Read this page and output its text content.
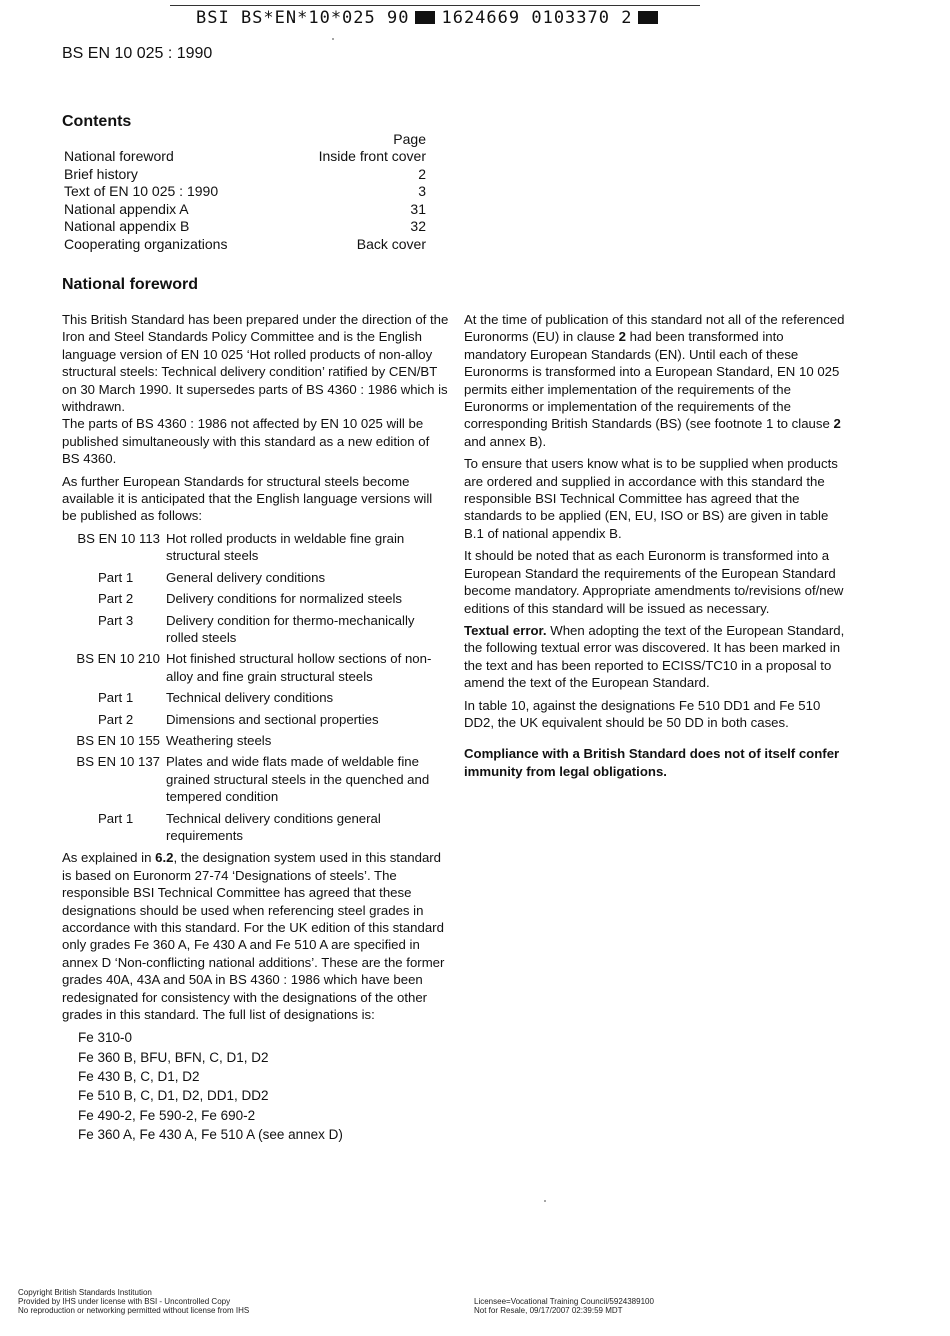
BSI BS*EN*10*025 90 1624669 0103370 2
BS EN 10 025 : 1990
Contents
Page
National foreword	Inside front cover
Brief history	2
Text of EN 10 025 : 1990	3
National appendix A	31
National appendix B	32
Cooperating organizations	Back cover
National foreword

This British Standard has been prepared under the direction of the Iron and Steel Standards Policy Committee and is the English language version of EN 10 025 ‘Hot rolled products of non-alloy structural steels: Technical delivery condition’ ratified by CEN/BT on 30 March 1990. It supersedes parts of BS 4360 : 1986 which is withdrawn.

The parts of BS 4360 : 1986 not affected by EN 10 025 will be published simultaneously with this standard as a new edition of BS 4360.

As further European Standards for structural steels become available it is anticipated that the English language versions will be published as follows:

BS EN 10 113 Hot rolled products in weldable fine grain structural steels
Part 1	General delivery conditions
Part 2	Delivery conditions for normalized steels
Part 3	Delivery condition for thermo-mechanically rolled steels
BS EN 10 210 Hot finished structural hollow sections of non-alloy and fine grain structural steels
Part 1	Technical delivery conditions
Part 2	Dimensions and sectional properties
BS EN 10 155 Weathering steels
BS EN 10 137 Plates and wide flats made of weldable fine grained structural steels in the quenched and tempered condition
Part 1	Technical delivery conditions general requirements

As explained in 6.2, the designation system used in this standard is based on Euronorm 27-74 ‘Designations of steels’. The responsible BSI Technical Committee has agreed that these designations should be used when referencing steel grades in accordance with this standard. For the UK edition of this standard only grades Fe 360 A, Fe 430 A and Fe 510 A are specified in annex D ‘Non-conflicting national additions’. These are the former grades 40A, 43A and 50A in BS 4360 : 1986 which have been redesignated for consistency with the designations of the other grades in this standard. The full list of designations is:

Fe 310-0
Fe 360 B, BFU, BFN, C, D1, D2
Fe 430 B, C, D1, D2
Fe 510 B, C, D1, D2, DD1, DD2
Fe 490-2, Fe 590-2, Fe 690-2
Fe 360 A, Fe 430 A, Fe 510 A (see annex D)

At the time of publication of this standard not all of the referenced Euronorms (EU) in clause 2 had been transformed into mandatory European Standards (EN). Until each of these Euronorms is transformed into a European Standard, EN 10 025 permits either implementation of the requirements of the Euronorms or implementation of the requirements of the corresponding British Standards (BS) (see footnote 1 to clause 2 and annex B).

To ensure that users know what is to be supplied when products are ordered and supplied in accordance with this standard the responsible BSI Technical Committee has agreed that the standards to be applied (EN, EU, ISO or BS) are given in table B.1 of national appendix B.

It should be noted that as each Euronorm is transformed into a European Standard the requirements of the European Standard become mandatory. Appropriate amendments to/revisions of/new editions of this standard will be issued as necessary.

Textual error. When adopting the text of the European Standard, the following textual error was discovered. It has been marked in the text and has been reported to ECISS/TC10 in a proposal to amend the text of the European Standard.

In table 10, against the designations Fe 510 DD1 and Fe 510 DD2, the UK equivalent should be 50 DD in both cases.

Compliance with a British Standard does not of itself confer immunity from legal obligations.

Copyright British Standards Institution
Provided by IHS under license with BSI - Uncontrolled Copy
No reproduction or networking permitted without license from IHS
Licensee=Vocational Training Council/5924389100
Not for Resale, 09/17/2007 02:39:59 MDT
